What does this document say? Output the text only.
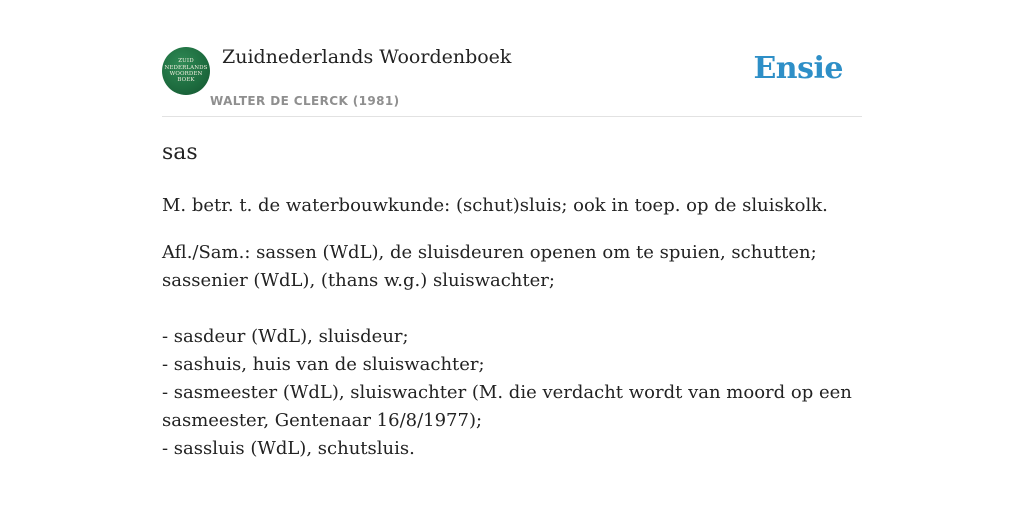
ZUID NEDERLANDS WOORDEN BOEK
Zuidnederlands Woordenboek
WALTER DE CLERCK (1981)
Ensie
sas

M. betr. t. de waterbouwkunde: (schut)sluis; ook in toep. op de sluiskolk.

Afl./Sam.: sassen (WdL), de sluisdeuren openen om te spuien, schutten; sassenier (WdL), (thans w.g.) sluiswachter;

- sasdeur (WdL), sluisdeur;
- sashuis, huis van de sluiswachter;
- sasmeester (WdL), sluiswachter (M. die verdacht wordt van moord op een sasmeester, Gentenaar 16/8/1977);
- sassluis (WdL), schutsluis.
